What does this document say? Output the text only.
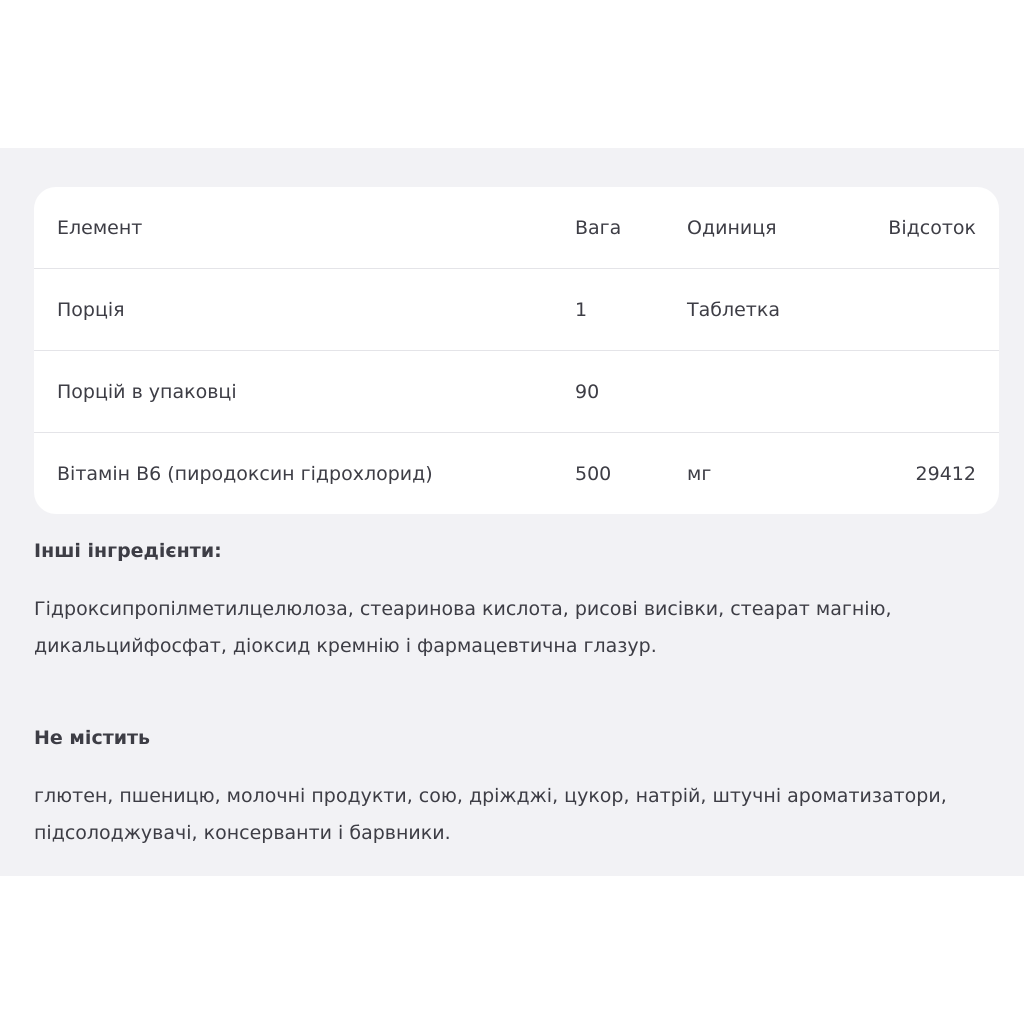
Елемент	Вага	Одиниця	Відсоток
Порція	1	Таблетка
Порцій в упаковці	90
Вітамін B6 (пиродоксин гідрохлорид)	500	мг	29412
Інші інгредієнти:
Гідроксипропілметилцелюлоза, стеаринова кислота, рисові висівки, стеарат магнію, дикальцийфосфат, діоксид кремнію і фармацевтична глазур.
Не містить
глютен, пшеницю, молочні продукти, сою, дріжджі, цукор, натрій, штучні ароматизатори, підсолоджувачі, консерванти і барвники.
